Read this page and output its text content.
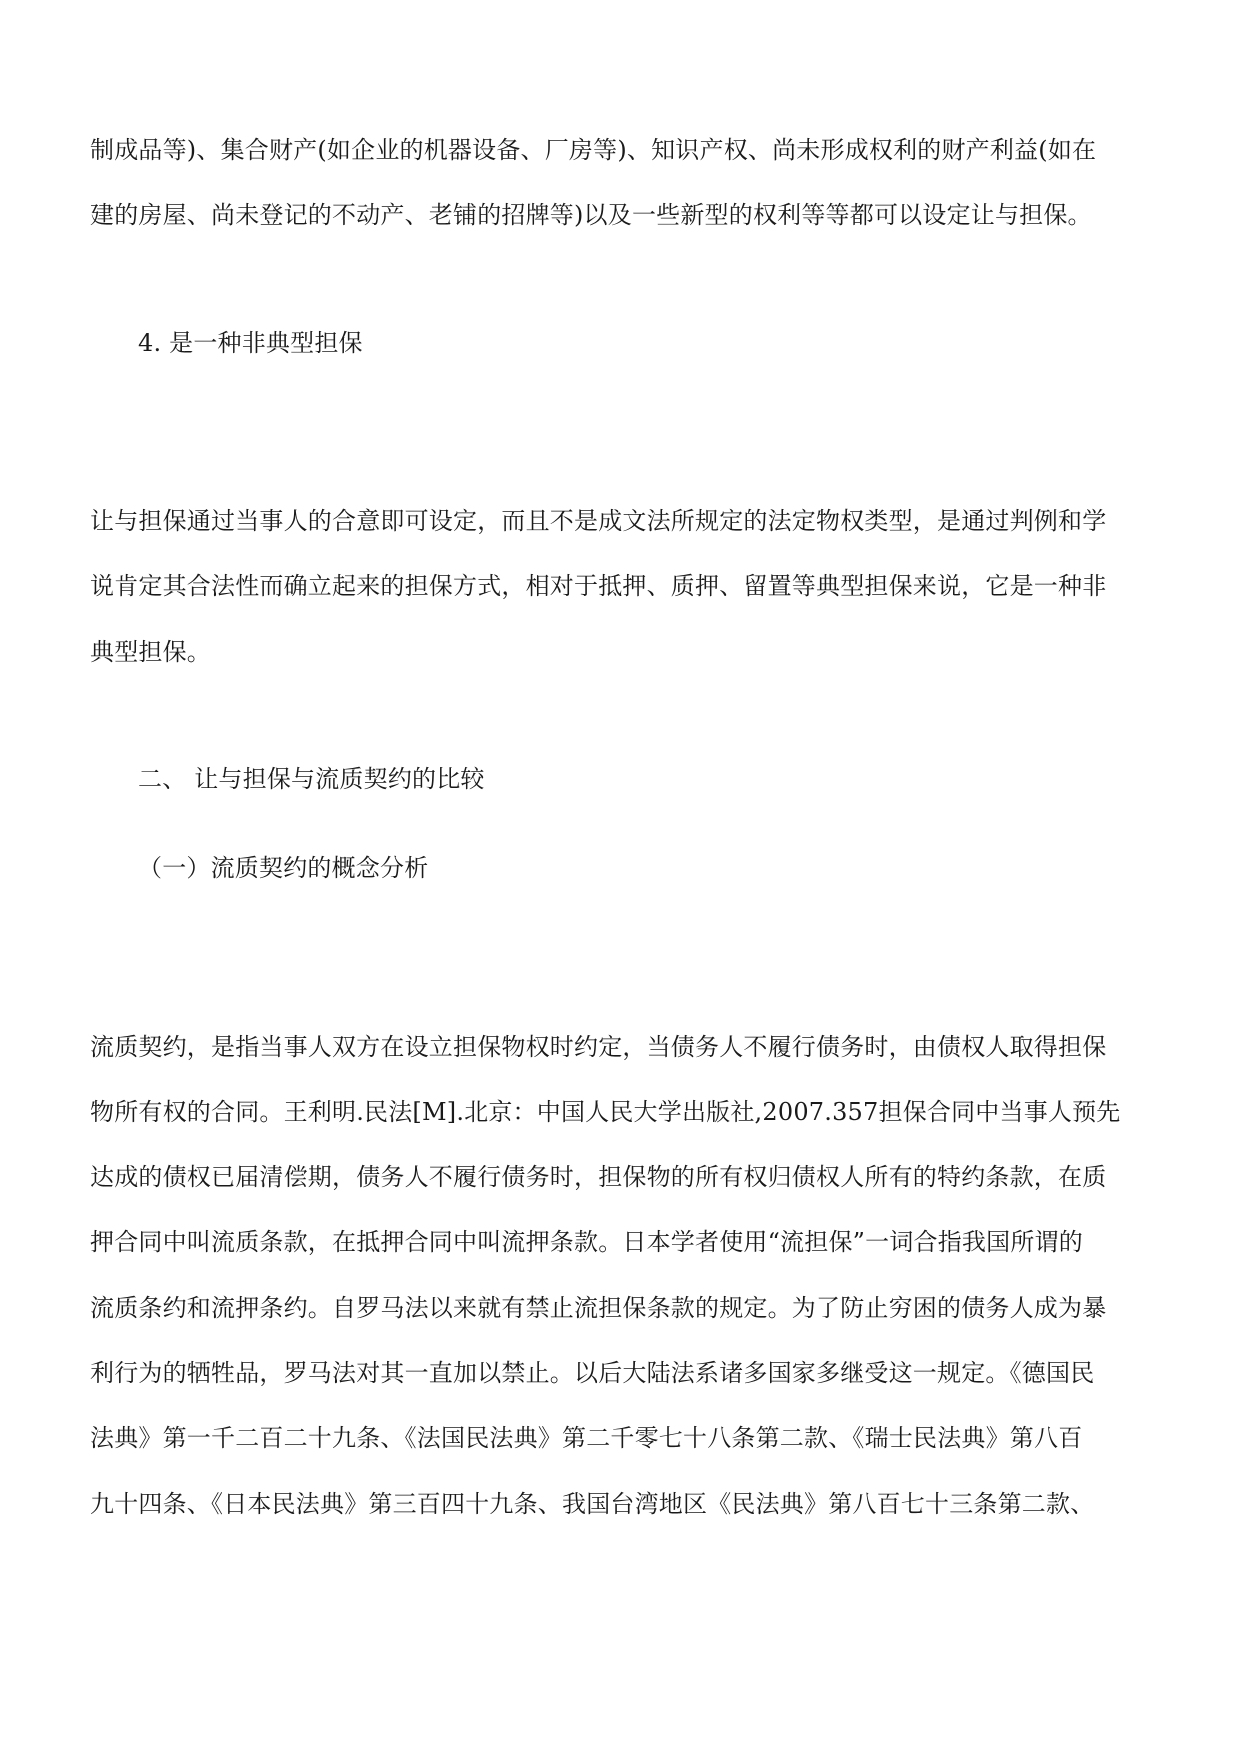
制成品等)、集合财产(如企业的机器设备、厂房等)、知识产权、尚未形成权利的财产利益(如在
建的房屋、尚未登记的不动产、老铺的招牌等)以及一些新型的权利等等都可以设定让与担保。
4. 是一种非典型担保
让与担保通过当事人的合意即可设定，而且不是成文法所规定的法定物权类型，是通过判例和学
说肯定其合法性而确立起来的担保方式，相对于抵押、质押、留置等典型担保来说，它是一种非
典型担保。
二、 让与担保与流质契约的比较
（一）流质契约的概念分析
流质契约，是指当事人双方在设立担保物权时约定，当债务人不履行债务时，由债权人取得担保
物所有权的合同。王利明.民法[M].北京：中国人民大学出版社,2007.357担保合同中当事人预先
达成的债权已届清偿期，债务人不履行债务时，担保物的所有权归债权人所有的特约条款，在质
押合同中叫流质条款，在抵押合同中叫流押条款。日本学者使用“流担保”一词合指我国所谓的
流质条约和流押条约。自罗马法以来就有禁止流担保条款的规定。为了防止穷困的债务人成为暴
利行为的牺牲品，罗马法对其一直加以禁止。以后大陆法系诸多国家多继受这一规定。《德国民
法典》第一千二百二十九条、《法国民法典》第二千零七十八条第二款、《瑞士民法典》第八百
九十四条、《日本民法典》第三百四十九条、我国台湾地区《民法典》第八百七十三条第二款、
